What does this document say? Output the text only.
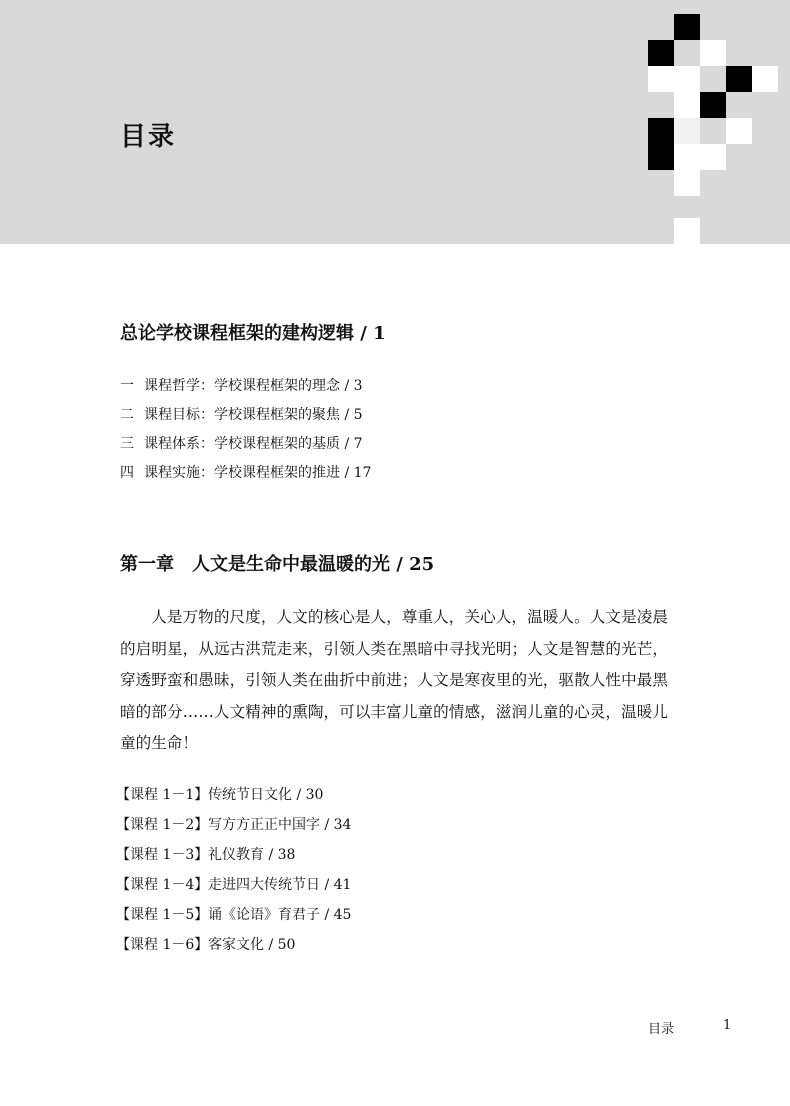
目录
总论学校课程框架的建构逻辑 / 1
一 课程哲学：学校课程框架的理念 / 3
二 课程目标：学校课程框架的聚焦 / 5
三 课程体系：学校课程框架的基质 / 7
四 课程实施：学校课程框架的推进 / 17
第一章　人文是生命中最温暖的光 / 25

人是万物的尺度，人文的核心是人，尊重人，关心人，温暖人。人文是凌晨的启明星，从远古洪荒走来，引领人类在黑暗中寻找光明；人文是智慧的光芒，穿透野蛮和愚昧，引领人类在曲折中前进；人文是寒夜里的光，驱散人性中最黑暗的部分……人文精神的熏陶，可以丰富儿童的情感，滋润儿童的心灵，温暖儿童的生命！

【课程 1－1】传统节日文化 / 30
【课程 1－2】写方方正正中国字 / 34
【课程 1－3】礼仪教育 / 38
【课程 1－4】走进四大传统节日 / 41
【课程 1－5】诵《论语》育君子 / 45
【课程 1－6】客家文化 / 50
目录	1
